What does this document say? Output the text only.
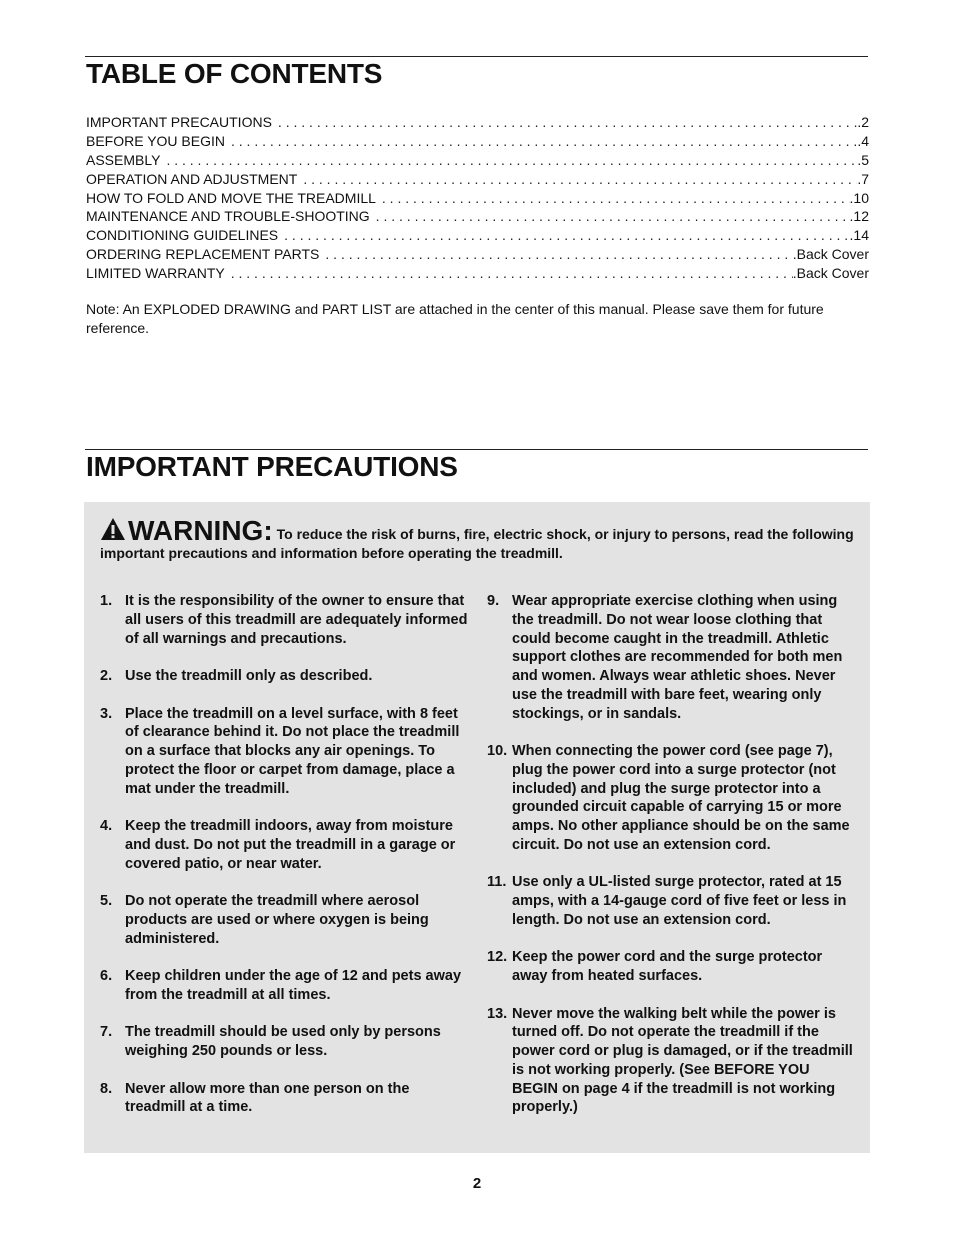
TABLE OF CONTENTS
IMPORTANT PRECAUTIONS . . .	.2
BEFORE YOU BEGIN . . .	.4
ASSEMBLY . . .	.5
OPERATION AND ADJUSTMENT . . .	.7
HOW TO FOLD AND MOVE THE TREADMILL . . .	.10
MAINTENANCE AND TROUBLE-SHOOTING . . .	.12
CONDITIONING GUIDELINES . . .	.14
ORDERING REPLACEMENT PARTS . . .	.Back Cover
LIMITED WARRANTY . . .	.Back Cover

Note: An EXPLODED DRAWING and PART LIST are attached in the center of this manual. Please save them for future reference.

IMPORTANT PRECAUTIONS

WARNING: To reduce the risk of burns, fire, electric shock, or injury to persons, read the following important precautions and information before operating the treadmill.

1. It is the responsibility of the owner to ensure that all users of this treadmill are adequately informed of all warnings and precautions.
2. Use the treadmill only as described.
3. Place the treadmill on a level surface, with 8 feet of clearance behind it. Do not place the treadmill on a surface that blocks any air openings. To protect the floor or carpet from damage, place a mat under the treadmill.
4. Keep the treadmill indoors, away from moisture and dust. Do not put the treadmill in a garage or covered patio, or near water.
5. Do not operate the treadmill where aerosol products are used or where oxygen is being administered.
6. Keep children under the age of 12 and pets away from the treadmill at all times.
7. The treadmill should be used only by persons weighing 250 pounds or less.
8. Never allow more than one person on the treadmill at a time.
9. Wear appropriate exercise clothing when using the treadmill. Do not wear loose clothing that could become caught in the treadmill. Athletic support clothes are recommended for both men and women. Always wear athletic shoes. Never use the treadmill with bare feet, wearing only stockings, or in sandals.
10. When connecting the power cord (see page 7), plug the power cord into a surge protector (not included) and plug the surge protector into a grounded circuit capable of carrying 15 or more amps. No other appliance should be on the same circuit. Do not use an extension cord.
11. Use only a UL-listed surge protector, rated at 15 amps, with a 14-gauge cord of five feet or less in length. Do not use an extension cord.
12. Keep the power cord and the surge protector away from heated surfaces.
13. Never move the walking belt while the power is turned off. Do not operate the treadmill if the power cord or plug is damaged, or if the treadmill is not working properly. (See BEFORE YOU BEGIN on page 4 if the treadmill is not working properly.)
2
